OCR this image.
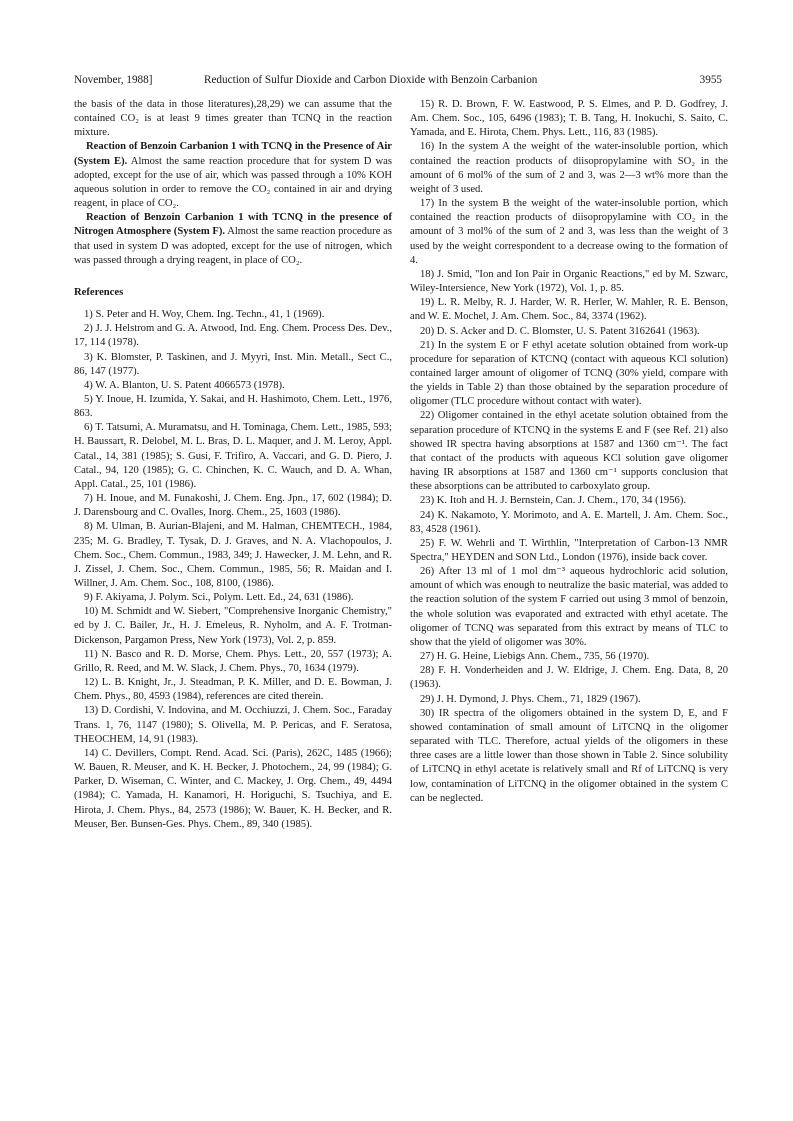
November, 1988]	Reduction of Sulfur Dioxide and Carbon Dioxide with Benzoin Carbanion	3955

the basis of the data in those literatures),28,29) we can assume that the contained CO₂ is at least 9 times greater than TCNQ in the reaction mixture.

Reaction of Benzoin Carbanion 1 with TCNQ in the Presence of Air (System E). Almost the same reaction procedure that for system D was adopted, except for the use of air, which was passed through a 10% KOH aqueous solution in order to remove the CO₂ contained in air and drying reagent, in place of CO₂.

Reaction of Benzoin Carbanion 1 with TCNQ in the presence of Nitrogen Atmosphere (System F). Almost the same reaction procedure as that used in system D was adopted, except for the use of nitrogen, which was passed through a drying reagent, in place of CO₂.

References

1) S. Peter and H. Woy, Chem. Ing. Techn., 41, 1 (1969).

2) J. J. Helstrom and G. A. Atwood, Ind. Eng. Chem. Process Des. Dev., 17, 114 (1978).

3) K. Blomster, P. Taskinen, and J. Myyri, Inst. Min. Metall., Sect C., 86, 147 (1977).

4) W. A. Blanton, U. S. Patent 4066573 (1978).

5) Y. Inoue, H. Izumida, Y. Sakai, and H. Hashimoto, Chem. Lett., 1976, 863.

6) T. Tatsumi, A. Muramatsu, and H. Tominaga, Chem. Lett., 1985, 593; H. Baussart, R. Delobel, M. L. Bras, D. L. Maquer, and J. M. Leroy, Appl. Catal., 14, 381 (1985); S. Gusi, F. Trifiro, A. Vaccari, and G. D. Piero, J. Catal., 94, 120 (1985); G. C. Chinchen, K. C. Wauch, and D. A. Whan, Appl. Catal., 25, 101 (1986).

7) H. Inoue, and M. Funakoshi, J. Chem. Eng. Jpn., 17, 602 (1984); D. J. Darensbourg and C. Ovalles, Inorg. Chem., 25, 1603 (1986).

8) M. Ulman, B. Aurian-Blajeni, and M. Halman, CHEMTECH., 1984, 235; M. G. Bradley, T. Tysak, D. J. Graves, and N. A. Vlachopoulos, J. Chem. Soc., Chem. Commun., 1983, 349; J. Hawecker, J. M. Lehn, and R. J. Zissel, J. Chem. Soc., Chem. Commun., 1985, 56; R. Maidan and I. Willner, J. Am. Chem. Soc., 108, 8100, (1986).

9) F. Akiyama, J. Polym. Sci., Polym. Lett. Ed., 24, 631 (1986).

10) M. Schmidt and W. Siebert, "Comprehensive Inorganic Chemistry," ed by J. C. Bailer, Jr., H. J. Emeleus, R. Nyholm, and A. F. Trotman-Dickenson, Pargamon Press, New York (1973), Vol. 2, p. 859.

11) N. Basco and R. D. Morse, Chem. Phys. Lett., 20, 557 (1973); A. Grillo, R. Reed, and M. W. Slack, J. Chem. Phys., 70, 1634 (1979).

12) L. B. Knight, Jr., J. Steadman, P. K. Miller, and D. E. Bowman, J. Chem. Phys., 80, 4593 (1984), references are cited therein.

13) D. Cordishi, V. Indovina, and M. Occhiuzzi, J. Chem. Soc., Faraday Trans. 1, 76, 1147 (1980); S. Olivella, M. P. Pericas, and F. Seratosa, THEOCHEM, 14, 91 (1983).

14) C. Devillers, Compt. Rend. Acad. Sci. (Paris), 262C, 1485 (1966); W. Bauen, R. Meuser, and K. H. Becker, J. Photochem., 24, 99 (1984); G. Parker, D. Wiseman, C. Winter, and C. Mackey, J. Org. Chem., 49, 4494 (1984); C. Yamada, H. Kanamori, H. Horiguchi, S. Tsuchiya, and E. Hirota, J. Chem. Phys., 84, 2573 (1986); W. Bauer, K. H. Becker, and R. Meuser, Ber. Bunsen-Ges. Phys. Chem., 89, 340 (1985).

15) R. D. Brown, F. W. Eastwood, P. S. Elmes, and P. D. Godfrey, J. Am. Chem. Soc., 105, 6496 (1983); T. B. Tang, H. Inokuchi, S. Saito, C. Yamada, and E. Hirota, Chem. Phys. Lett., 116, 83 (1985).

16) In the system A the weight of the water-insoluble portion, which contained the reaction products of diisopropylamine with SO₂ in the amount of 6 mol% of the sum of 2 and 3, was 2—3 wt% more than the weight of 3 used.

17) In the system B the weight of the water-insoluble portion, which contained the reaction products of diisopropylamine with CO₂ in the amount of 3 mol% of the sum of 2 and 3, was less than the weight of 3 used by the weight correspondent to a decrease owing to the formation of 4.

18) J. Smid, "Ion and Ion Pair in Organic Reactions," ed by M. Szwarc, Wiley-Intersience, New York (1972), Vol. 1, p. 85.

19) L. R. Melby, R. J. Harder, W. R. Herler, W. Mahler, R. E. Benson, and W. E. Mochel, J. Am. Chem. Soc., 84, 3374 (1962).

20) D. S. Acker and D. C. Blomster, U. S. Patent 3162641 (1963).

21) In the system E or F ethyl acetate solution obtained from work-up procedure for separation of KTCNQ (contact with aqueous KCl solution) contained larger amount of oligomer of TCNQ (30% yield, compare with the yields in Table 2) than those obtained by the separation procedure of oligomer (TLC procedure without contact with water).

22) Oligomer contained in the ethyl acetate solution obtained from the separation procedure of KTCNQ in the systems E and F (see Ref. 21) also showed IR spectra having absorptions at 1587 and 1360 cm⁻¹. The fact that contact of the products with aqueous KCl solution gave oligomer having IR absorptions at 1587 and 1360 cm⁻¹ supports conclusion that these absorptions can be attributed to carboxylato group.

23) K. Itoh and H. J. Bernstein, Can. J. Chem., 170, 34 (1956).

24) K. Nakamoto, Y. Morimoto, and A. E. Martell, J. Am. Chem. Soc., 83, 4528 (1961).

25) F. W. Wehrli and T. Wirthlin, "Interpretation of Carbon-13 NMR Spectra," HEYDEN and SON Ltd., London (1976), inside back cover.

26) After 13 ml of 1 mol dm⁻³ aqueous hydrochloric acid solution, amount of which was enough to neutralize the basic material, was added to the reaction solution of the system F carried out using 3 mmol of benzoin, the whole solution was evaporated and extracted with ethyl acetate. The oligomer of TCNQ was separated from this extract by means of TLC to show that the yield of oligomer was 30%.

27) H. G. Heine, Liebigs Ann. Chem., 735, 56 (1970).

28) F. H. Vonderheiden and J. W. Eldrige, J. Chem. Eng. Data, 8, 20 (1963).

29) J. H. Dymond, J. Phys. Chem., 71, 1829 (1967).

30) IR spectra of the oligomers obtained in the system D, E, and F showed contamination of small amount of LiTCNQ in the oligomer separated with TLC. Therefore, actual yields of the oligomers in these three cases are a little lower than those shown in Table 2. Since solubility of LiTCNQ in ethyl acetate is relatively small and Rf of LiTCNQ is very low, contamination of LiTCNQ in the oligomer obtained in the system C can be neglected.
